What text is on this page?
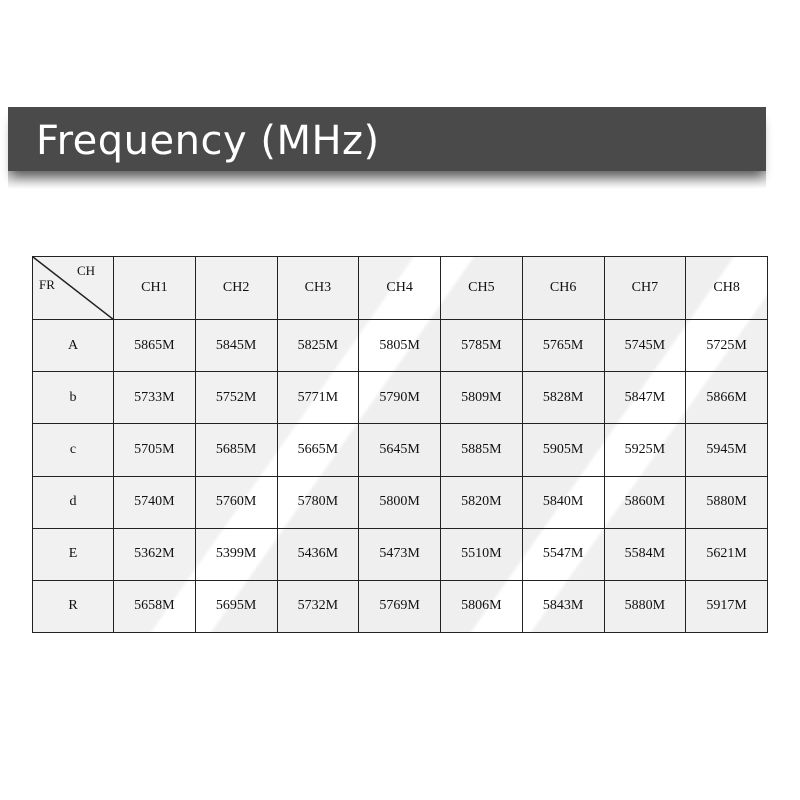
Frequency (MHz)
CH
FR	CH1	CH2	CH3	CH4	CH5	CH6	CH7	CH8
A	5865M	5845M	5825M	5805M	5785M	5765M	5745M	5725M
b	5733M	5752M	5771M	5790M	5809M	5828M	5847M	5866M
c	5705M	5685M	5665M	5645M	5885M	5905M	5925M	5945M
d	5740M	5760M	5780M	5800M	5820M	5840M	5860M	5880M
E	5362M	5399M	5436M	5473M	5510M	5547M	5584M	5621M
R	5658M	5695M	5732M	5769M	5806M	5843M	5880M	5917M
